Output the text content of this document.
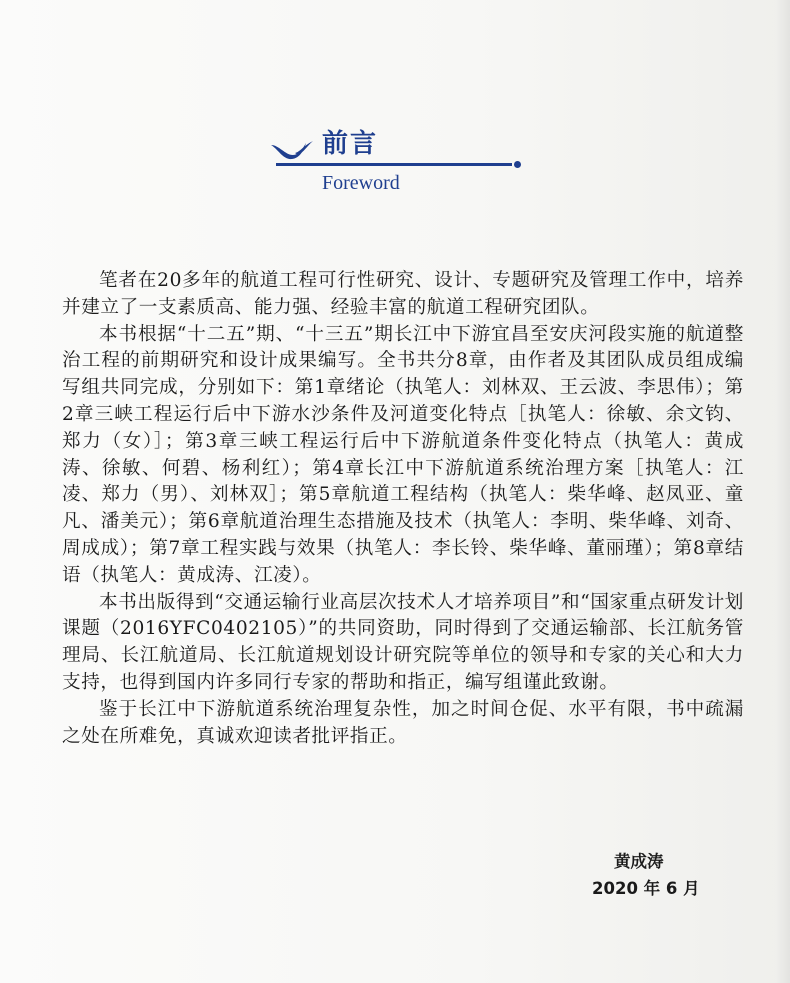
前言
Foreword

笔者在20多年的航道工程可行性研究、设计、专题研究及管理工作中，培养并建立了一支素质高、能力强、经验丰富的航道工程研究团队。

本书根据“十二五”期、“十三五”期长江中下游宜昌至安庆河段实施的航道整治工程的前期研究和设计成果编写。全书共分8章，由作者及其团队成员组成编写组共同完成，分别如下：第1章绪论（执笔人：刘林双、王云波、李思伟）；第2章三峡工程运行后中下游水沙条件及河道变化特点［执笔人：徐敏、余文钧、郑力（女）］；第3章三峡工程运行后中下游航道条件变化特点（执笔人：黄成涛、徐敏、何碧、杨利红）；第4章长江中下游航道系统治理方案［执笔人：江凌、郑力（男）、刘林双］；第5章航道工程结构（执笔人：柴华峰、赵凤亚、童凡、潘美元）；第6章航道治理生态措施及技术（执笔人：李明、柴华峰、刘奇、周成成）；第7章工程实践与效果（执笔人：李长铃、柴华峰、董丽瑾）；第8章结语（执笔人：黄成涛、江凌）。

本书出版得到“交通运输行业高层次技术人才培养项目”和“国家重点研发计划课题（2016YFC0402105）”的共同资助，同时得到了交通运输部、长江航务管理局、长江航道局、长江航道规划设计研究院等单位的领导和专家的关心和大力支持，也得到国内许多同行专家的帮助和指正，编写组谨此致谢。

鉴于长江中下游航道系统治理复杂性，加之时间仓促、水平有限，书中疏漏之处在所难免，真诚欢迎读者批评指正。

黄成涛
2020 年 6 月
